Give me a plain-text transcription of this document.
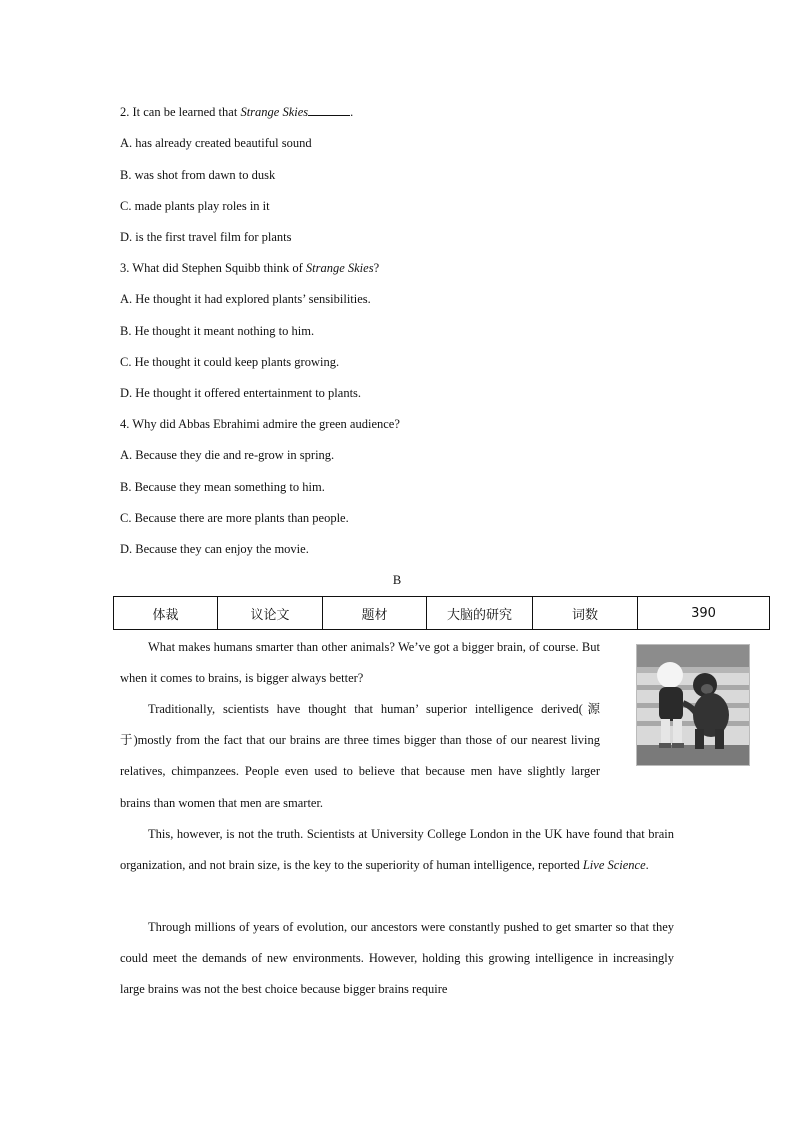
2. It can be learned that Strange Skies	.
A. has already created beautiful sound
B. was shot from dawn to dusk
C. made plants play roles in it
D. is the first travel film for plants
3. What did Stephen Squibb think of Strange Skies?
A. He thought it had explored plants’ sensibilities.
B. He thought it meant nothing to him.
C. He thought it could keep plants growing.
D. He thought it offered entertainment to plants.
4. Why did Abbas Ebrahimi admire the green audience?
A. Because they die and re-grow in spring.
B. Because they mean something to him.
C. Because there are more plants than people.
D. Because they can enjoy the movie.
B
体裁	议论文	题材	大脑的研究	词数	390
What makes humans smarter than other animals? We’ve got a bigger brain, of course. But when it comes to brains, is bigger always better?
Traditionally, scientists have thought that human’ superior intelligence derived(源于)mostly from the fact that our brains are three times bigger than those of our nearest living relatives, chimpanzees. People even used to believe that because men have slightly larger brains than women that men are smarter.
This, however, is not the truth. Scientists at University College London in the UK have found that brain organization, and not brain size, is the key to the superiority of human intelligence, reported Live Science.
Through millions of years of evolution, our ancestors were constantly pushed to get smarter so that they could meet the demands of new environments. However, holding this growing intelligence in increasingly large brains was not the best choice because bigger brains require
